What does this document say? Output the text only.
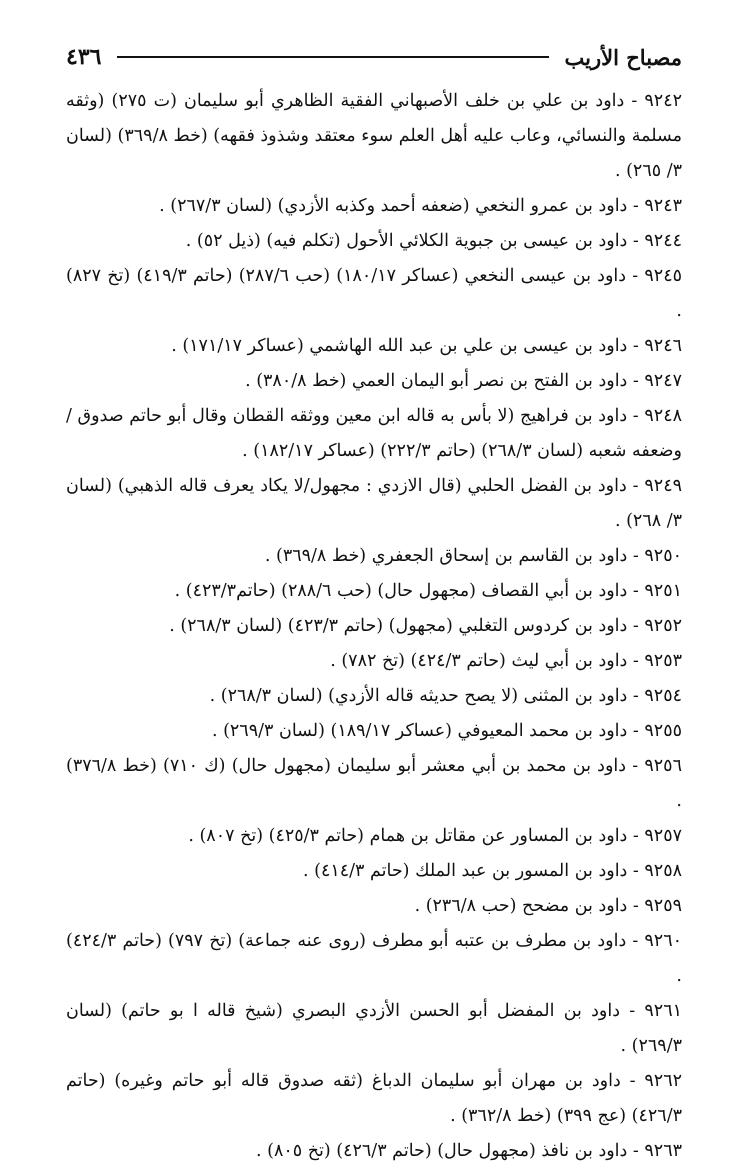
مصباح الأريب
٤٣٦

٩٢٤٢ - داود بن علي بن خلف الأصبهاني الفقية الظاهري أبو سليمان (ت ٢٧٥) (وثقه مسلمة والنسائي، وعاب عليه أهل العلم سوء معتقد وشذوذ فقهه) (خط ٣٦٩/٨) (لسان ٣/ ٢٦٥) .

٩٢٤٣ - داود بن عمرو النخعي (ضعفه أحمد وكذبه الأزدي) (لسان ٢٦٧/٣) .

٩٢٤٤ - داود بن عيسى بن جبوية الكلائي الأحول (تكلم فيه) (ذيل ٥٢) .

٩٢٤٥ - داود بن عيسى النخعي (عساكر ١٨٠/١٧) (حب ٢٨٧/٦) (حاتم ٤١٩/٣) (تخ ٨٢٧) .

٩٢٤٦ - داود بن عيسى بن علي بن عبد الله الهاشمي (عساكر ١٧١/١٧) .

٩٢٤٧ - داود بن الفتح بن نصر أبو اليمان العمي (خط ٣٨٠/٨) .

٩٢٤٨ - داود بن فراهيج (لا بأس به قاله ابن معين ووثقه القطان وقال أبو حاتم صدوق / وضعفه شعبه (لسان ٢٦٨/٣) (حاتم ٢٢٢/٣) (عساكر ١٨٢/١٧) .

٩٢٤٩ - داود بن الفضل الحلبي (قال الازدي : مجهول/لا يكاد يعرف قاله الذهبي) (لسان ٣/ ٢٦٨) .

٩٢٥٠ - داود بن القاسم بن إسحاق الجعفري (خط ٣٦٩/٨) .

٩٢٥١ - داود بن أبي القصاف (مجهول حال) (حب ٢٨٨/٦) (حاتم٤٢٣/٣) .

٩٢٥٢ - داود بن كردوس التغلبي (مجهول) (حاتم ٤٢٣/٣) (لسان ٢٦٨/٣) .

٩٢٥٣ - داود بن أبي ليث (حاتم ٤٢٤/٣) (تخ ٧٨٢) .

٩٢٥٤ - داود بن المثنى (لا يصح حديثه قاله الأزدي) (لسان ٢٦٨/٣) .

٩٢٥٥ - داود بن محمد المعيوفي (عساكر ١٨٩/١٧) (لسان ٢٦٩/٣) .

٩٢٥٦ - داود بن محمد بن أبي معشر أبو سليمان (مجهول حال) (ك ٧١٠) (خط ٣٧٦/٨) .

٩٢٥٧ - داود بن المساور عن مقاتل بن همام (حاتم ٤٢٥/٣) (تخ ٨٠٧) .

٩٢٥٨ - داود بن المسور بن عبد الملك (حاتم ٤١٤/٣) .

٩٢٥٩ - داود بن مضحح (حب ٢٣٦/٨) .

٩٢٦٠ - داود بن مطرف بن عتبه أبو مطرف (روى عنه جماعة) (تخ ٧٩٧) (حاتم ٤٢٤/٣) .

٩٢٦١ - داود بن المفضل أبو الحسن الأزدي البصري (شيخ قاله ا بو حاتم) (لسان ٢٦٩/٣) .

٩٢٦٢ - داود بن مهران أبو سليمان الدباغ (ثقه صدوق قاله أبو حاتم وغيره) (حاتم ٤٢٦/٣) (عج ٣٩٩) (خط ٣٦٢/٨) .

٩٢٦٣ - داود بن نافذ (مجهول حال) (حاتم ٤٢٦/٣) (تخ ٨٠٥) .
